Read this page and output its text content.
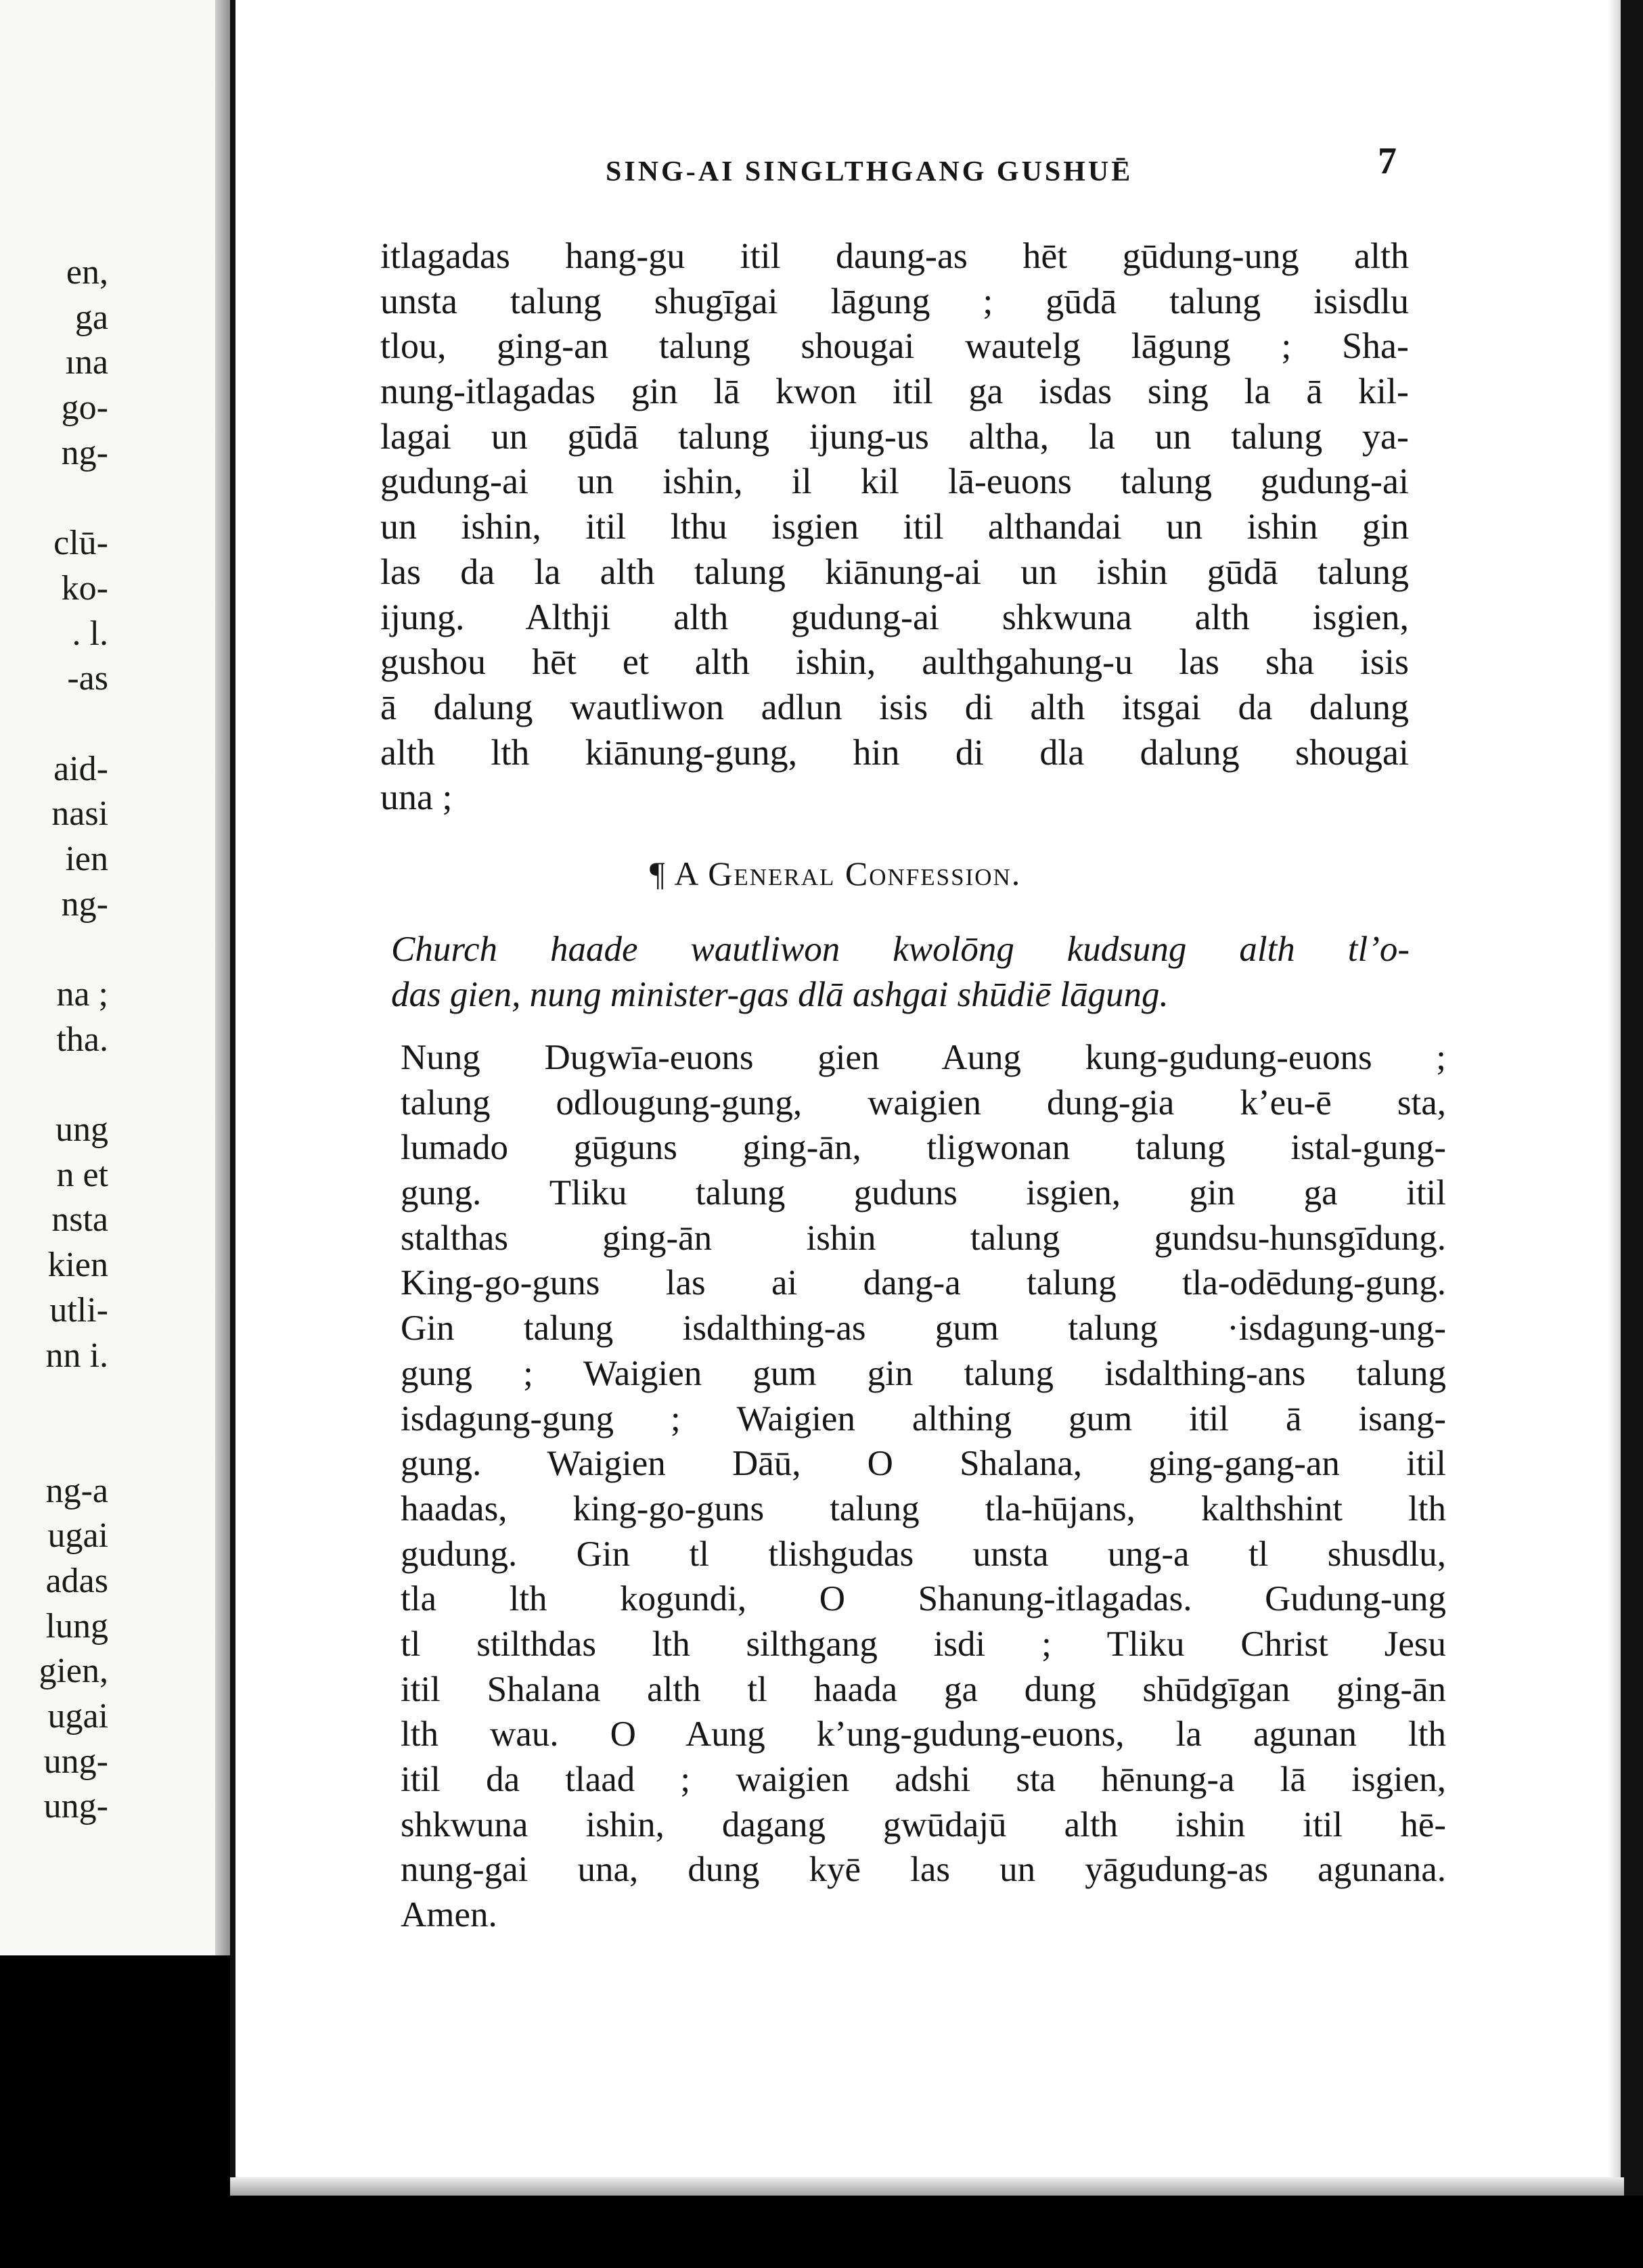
en,
ga
ına
go-
ng-
clū-
ko-
. l.
-as
aid-
nasi
ien
ng-
na ;
tha.
ung
n et
nsta
kien
utli-
nn i.
ng-a
ugai
adas
lung
gien,
ugai
ung-
ung-
SING-AI SINGLTHGANG GUSHUĒ	7
itlagadas hang-gu itil daung-as hēt gūdung-ung alth
unsta talung shugīgai lāgung ; gūdā talung isisdlu
tlou, ging-an talung shougai wautelg lāgung ; Sha-
nung-itlagadas gin lā kwon itil ga isdas sing la ā kil-
lagai un gūdā talung ijung-us altha, la un talung ya-
gudung-ai un ishin, il kil lā-euons talung gudung-ai
un ishin, itil lthu isgien itil althandai un ishin gin
las da la alth talung kiānung-ai un ishin gūdā talung
ijung. Althji alth gudung-ai shkwuna alth isgien,
gushou hēt et alth ishin, aulthgahung-u las sha isis
ā dalung wautliwon adlun isis di alth itsgai da dalung
alth lth kiānung-gung, hin di dla dalung shougai
una ;
¶ A General Confession.
Church haade wautliwon kwolōng kudsung alth tl’o-
das gien, nung minister-gas dlā ashgai shūdiē lāgung.
Nung Dugwīa-euons gien Aung kung-gudung-euons ;
talung odlougung-gung, waigien dung-gia k’eu-ē sta,
lumado gūguns ging-ān, tligwonan talung istal-gung-
gung. Tliku talung guduns isgien, gin ga itil
stalthas ging-ān ishin talung gundsu-hunsgīdung.
King-go-guns las ai dang-a talung tla-odēdung-gung.
Gin talung isdalthing-as gum talung ·isdagung-ung-
gung ; Waigien gum gin talung isdalthing-ans talung
isdagung-gung ; Waigien althing gum itil ā isang-
gung. Waigien Dāū, O Shalana, ging-gang-an itil
haadas, king-go-guns talung tla-hūjans, kalthshint lth
gudung. Gin tl tlishgudas unsta ung-a tl shusdlu,
tla lth kogundi, O Shanung-itlagadas. Gudung-ung
tl stilthdas lth silthgang isdi ; Tliku Christ Jesu
itil Shalana alth tl haada ga dung shūdgīgan ging-ān
lth wau. O Aung k’ung-gudung-euons, la agunan lth
itil da tlaad ; waigien adshi sta hēnung-a lā isgien,
shkwuna ishin, dagang gwūdajū alth ishin itil hē-
nung-gai una, dung kyē las un yāgudung-as agunana.
Amen.
